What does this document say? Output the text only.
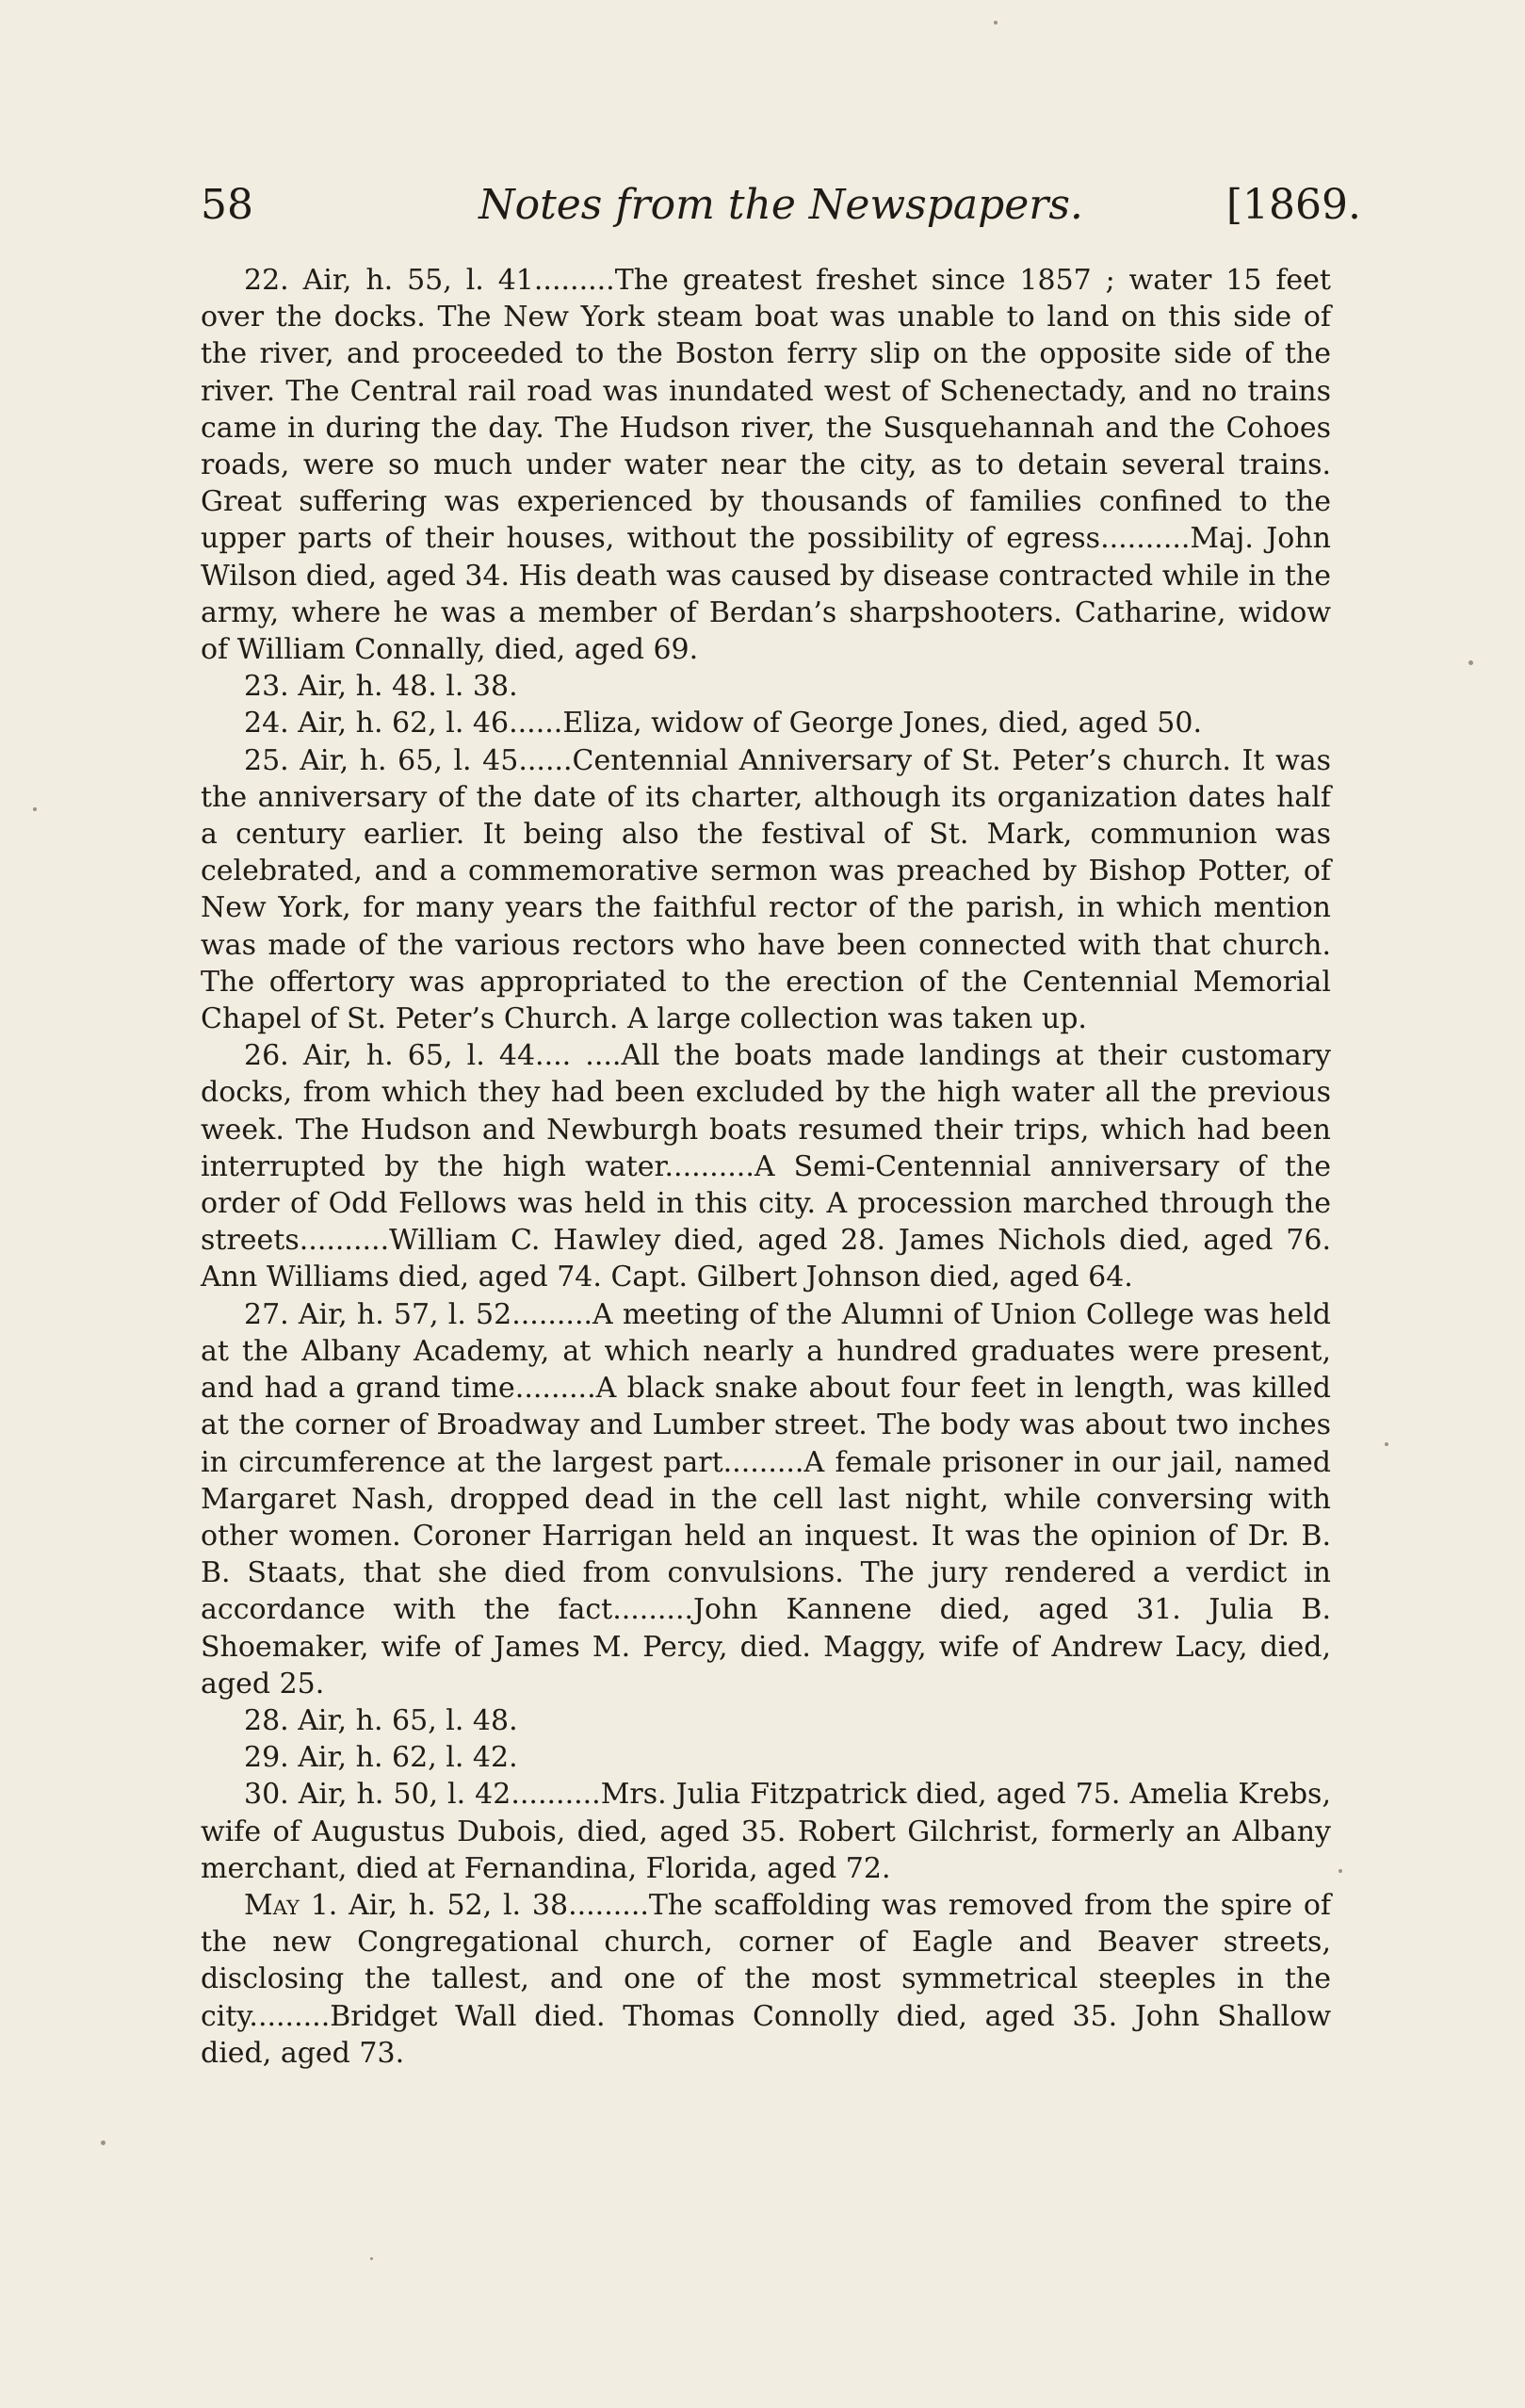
58	Notes from the Newspapers.	[1869.

22. Air, h. 55, l. 41.........The greatest freshet since 1857 ; water 15 feet over the docks. The New York steam boat was unable to land on this side of the river, and proceeded to the Boston ferry slip on the opposite side of the river. The Central rail road was inundated west of Schenectady, and no trains came in during the day. The Hudson river, the Susquehannah and the Cohoes roads, were so much under water near the city, as to detain several trains. Great suffering was experienced by thousands of families confined to the upper parts of their houses, without the possibility of egress..........Maj. John Wilson died, aged 34. His death was caused by disease contracted while in the army, where he was a member of Berdan’s sharpshooters. Catharine, widow of William Connally, died, aged 69.

23. Air, h. 48. l. 38.

24. Air, h. 62, l. 46......Eliza, widow of George Jones, died, aged 50.

25. Air, h. 65, l. 45......Centennial Anniversary of St. Peter’s church. It was the anniversary of the date of its charter, although its organization dates half a century earlier. It being also the festival of St. Mark, communion was celebrated, and a commemorative sermon was preached by Bishop Potter, of New York, for many years the faithful rector of the parish, in which mention was made of the various rectors who have been connected with that church. The offertory was appropriated to the erection of the Centennial Memorial Chapel of St. Peter’s Church. A large collection was taken up.

26. Air, h. 65, l. 44.... ....All the boats made landings at their customary docks, from which they had been excluded by the high water all the previous week. The Hudson and Newburgh boats resumed their trips, which had been interrupted by the high water..........A Semi-Centennial anniversary of the order of Odd Fellows was held in this city. A procession marched through the streets..........William C. Hawley died, aged 28. James Nichols died, aged 76. Ann Williams died, aged 74. Capt. Gilbert Johnson died, aged 64.

27. Air, h. 57, l. 52.........A meeting of the Alumni of Union College was held at the Albany Academy, at which nearly a hundred graduates were present, and had a grand time.........A black snake about four feet in length, was killed at the corner of Broadway and Lumber street. The body was about two inches in circumference at the largest part.........A female prisoner in our jail, named Margaret Nash, dropped dead in the cell last night, while conversing with other women. Coroner Harrigan held an inquest. It was the opinion of Dr. B. B. Staats, that she died from convulsions. The jury rendered a verdict in accordance with the fact.........John Kannene died, aged 31. Julia B. Shoemaker, wife of James M. Percy, died. Maggy, wife of Andrew Lacy, died, aged 25.

28. Air, h. 65, l. 48.

29. Air, h. 62, l. 42.

30. Air, h. 50, l. 42..........Mrs. Julia Fitzpatrick died, aged 75. Amelia Krebs, wife of Augustus Dubois, died, aged 35. Robert Gilchrist, formerly an Albany merchant, died at Fernandina, Florida, aged 72.

May 1. Air, h. 52, l. 38.........The scaffolding was removed from the spire of the new Congregational church, corner of Eagle and Beaver streets, disclosing the tallest, and one of the most symmetrical steeples in the city.........Bridget Wall died. Thomas Connolly died, aged 35. John Shallow died, aged 73.
